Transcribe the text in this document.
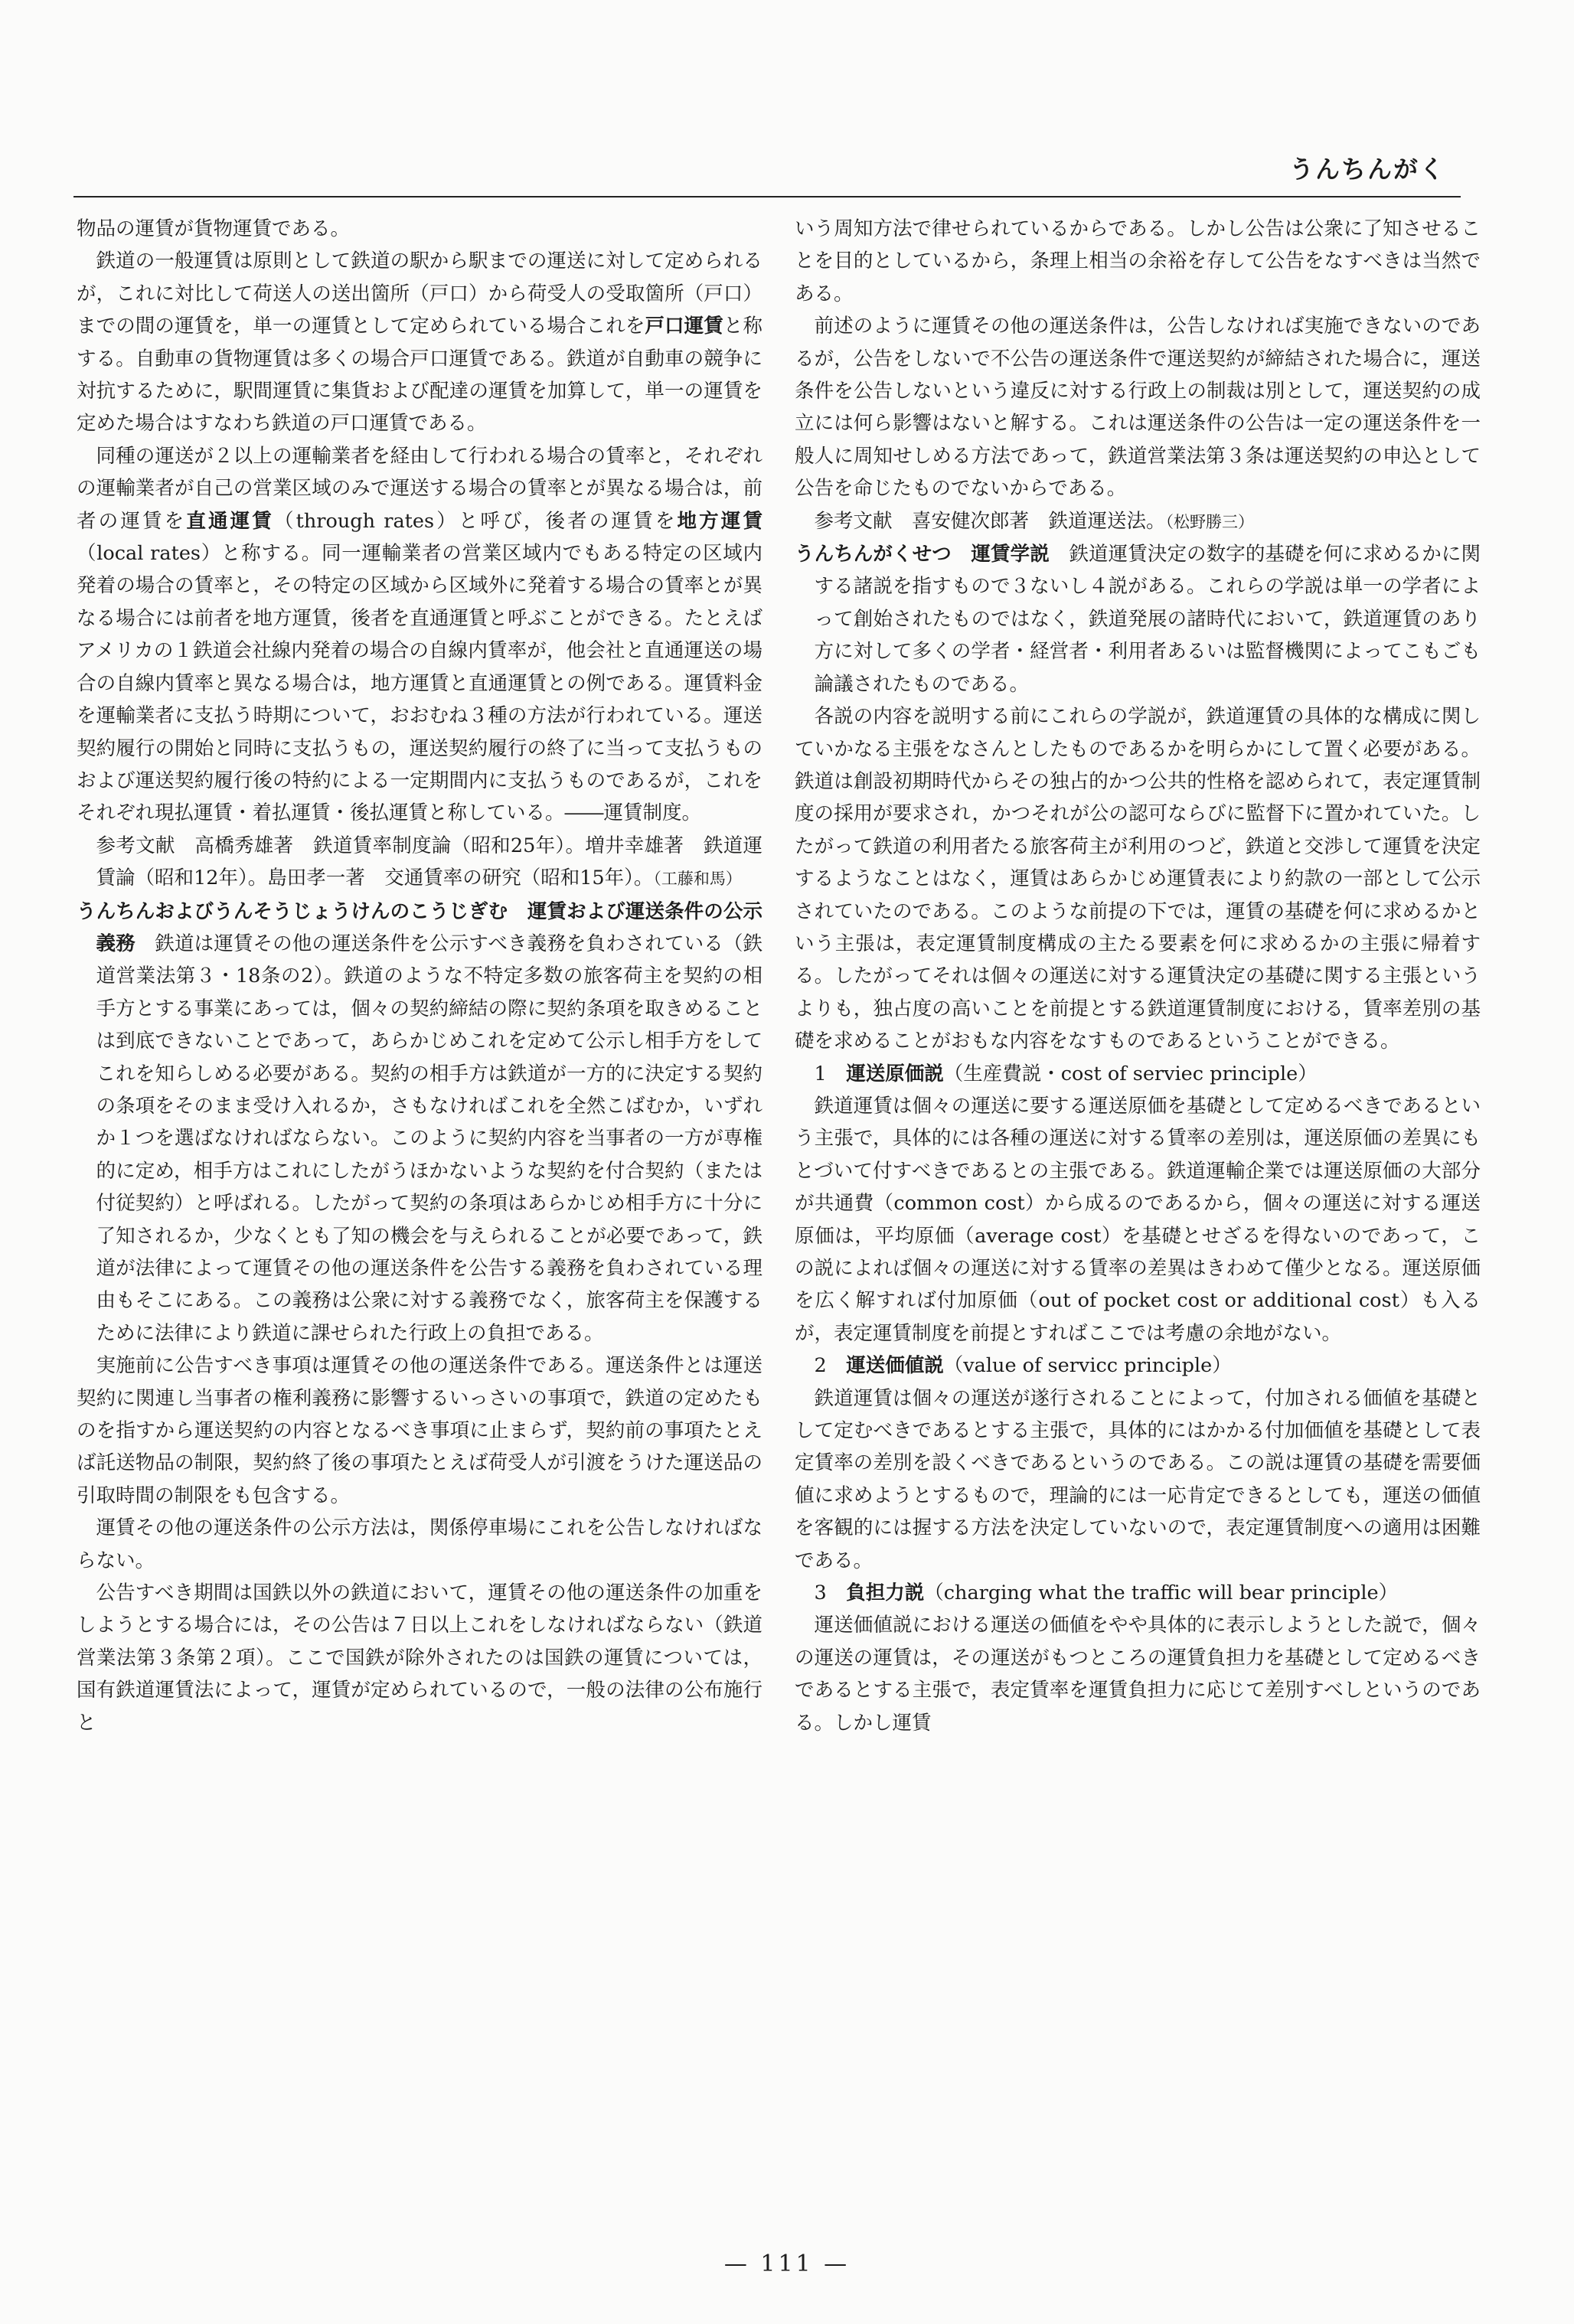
うんちんがく

物品の運賃が貨物運賃である。

鉄道の一般運賃は原則として鉄道の駅から駅までの運送に対して定められるが，これに対比して荷送人の送出箇所（戸口）から荷受人の受取箇所（戸口）までの間の運賃を，単一の運賃として定められている場合これを戸口運賃と称する。自動車の貨物運賃は多くの場合戸口運賃である。鉄道が自動車の競争に対抗するために，駅間運賃に集貨および配達の運賃を加算して，単一の運賃を定めた場合はすなわち鉄道の戸口運賃である。

同種の運送が２以上の運輸業者を経由して行われる場合の賃率と，それぞれの運輸業者が自己の営業区域のみで運送する場合の賃率とが異なる場合は，前者の運賃を直通運賃（through rates）と呼び，後者の運賃を地方運賃（local rates）と称する。同一運輸業者の営業区域内でもある特定の区域内発着の場合の賃率と，その特定の区域から区域外に発着する場合の賃率とが異なる場合には前者を地方運賃，後者を直通運賃と呼ぶことができる。たとえばアメリカの１鉄道会社線内発着の場合の自線内賃率が，他会社と直通運送の場合の自線内賃率と異なる場合は，地方運賃と直通運賃との例である。運賃料金を運輸業者に支払う時期について，おおむね３種の方法が行われている。運送契約履行の開始と同時に支払うもの，運送契約履行の終了に当って支払うものおよび運送契約履行後の特約による一定期間内に支払うものであるが，これをそれぞれ現払運賃・着払運賃・後払運賃と称している。――運賃制度。

参考文献　高橋秀雄著　鉄道賃率制度論（昭和25年）。増井幸雄著　鉄道運賃論（昭和12年）。島田孝一著　交通賃率の研究（昭和15年）。（工藤和馬）

うんちんおよびうんそうじょうけんのこうじぎむ　 運賃および運送条件の公示義務　 鉄道は運賃その他の運送条件を公示すべき義務を負わされている（鉄道営業法第３・18条の2）。鉄道のような不特定多数の旅客荷主を契約の相手方とする事業にあっては，個々の契約締結の際に契約条項を取きめることは到底できないことであって，あらかじめこれを定めて公示し相手方をしてこれを知らしめる必要がある。契約の相手方は鉄道が一方的に決定する契約の条項をそのまま受け入れるか，さもなければこれを全然こばむか，いずれか１つを選ばなければならない。このように契約内容を当事者の一方が専権的に定め，相手方はこれにしたがうほかないような契約を付合契約（または付従契約）と呼ばれる。したがって契約の条項はあらかじめ相手方に十分に了知されるか，少なくとも了知の機会を与えられることが必要であって，鉄道が法律によって運賃その他の運送条件を公告する義務を負わされている理由もそこにある。この義務は公衆に対する義務でなく，旅客荷主を保護するために法律により鉄道に課せられた行政上の負担である。

実施前に公告すべき事項は運賃その他の運送条件である。運送条件とは運送契約に関連し当事者の権利義務に影響するいっさいの事項で，鉄道の定めたものを指すから運送契約の内容となるべき事項に止まらず，契約前の事項たとえば託送物品の制限，契約終了後の事項たとえば荷受人が引渡をうけた運送品の引取時間の制限をも包含する。

運賃その他の運送条件の公示方法は，関係停車場にこれを公告しなければならない。

公告すべき期間は国鉄以外の鉄道において，運賃その他の運送条件の加重をしようとする場合には，その公告は７日以上これをしなければならない（鉄道営業法第３条第２項）。ここで国鉄が除外されたのは国鉄の運賃については，国有鉄道運賃法によって，運賃が定められているので，一般の法律の公布施行と

いう周知方法で律せられているからである。しかし公告は公衆に了知させることを目的としているから，条理上相当の余裕を存して公告をなすべきは当然である。

前述のように運賃その他の運送条件は，公告しなければ実施できないのであるが，公告をしないで不公告の運送条件で運送契約が締結された場合に，運送条件を公告しないという違反に対する行政上の制裁は別として，運送契約の成立には何ら影響はないと解する。これは運送条件の公告は一定の運送条件を一般人に周知せしめる方法であって，鉄道営業法第３条は運送契約の申込として公告を命じたものでないからである。

参考文献　喜安健次郎著　鉄道運送法。（松野勝三）

うんちんがくせつ　 運賃学説　 鉄道運賃決定の数字的基礎を何に求めるかに関する諸説を指すもので３ないし４説がある。これらの学説は単一の学者によって創始されたものではなく，鉄道発展の諸時代において，鉄道運賃のあり方に対して多くの学者・経営者・利用者あるいは監督機関によってこもごも論議されたものである。

各説の内容を説明する前にこれらの学説が，鉄道運賃の具体的な構成に関していかなる主張をなさんとしたものであるかを明らかにして置く必要がある。鉄道は創設初期時代からその独占的かつ公共的性格を認められて，表定運賃制度の採用が要求され，かつそれが公の認可ならびに監督下に置かれていた。したがって鉄道の利用者たる旅客荷主が利用のつど，鉄道と交渉して運賃を決定するようなことはなく，運賃はあらかじめ運賃表により約款の一部として公示されていたのである。このような前提の下では，運賃の基礎を何に求めるかという主張は，表定運賃制度構成の主たる要素を何に求めるかの主張に帰着する。したがってそれは個々の運送に対する運賃決定の基礎に関する主張というよりも，独占度の高いことを前提とする鉄道運賃制度における，賃率差別の基礎を求めることがおもな内容をなすものであるということができる。

1　 運送原価説（生産費説・cost of serviec principle）

鉄道運賃は個々の運送に要する運送原価を基礎として定めるべきであるという主張で，具体的には各種の運送に対する賃率の差別は，運送原価の差異にもとづいて付すべきであるとの主張である。鉄道運輸企業では運送原価の大部分が共通費（common cost）から成るのであるから，個々の運送に対する運送原価は，平均原価（average cost）を基礎とせざるを得ないのであって，この説によれば個々の運送に対する賃率の差異はきわめて僅少となる。運送原価を広く解すれば付加原価（out of pocket cost or additional cost）も入るが，表定運賃制度を前提とすればここでは考慮の余地がない。

2　 運送価値説（value of servicc principle）

鉄道運賃は個々の運送が遂行されることによって，付加される価値を基礎として定むべきであるとする主張で，具体的にはかかる付加価値を基礎として表定賃率の差別を設くべきであるというのである。この説は運賃の基礎を需要価値に求めようとするもので，理論的には一応肯定できるとしても，運送の価値を客観的には握する方法を決定していないので，表定運賃制度への適用は困難である。

3　 負担力説（charging what the traffic will bear principle）

運送価値説における運送の価値をやや具体的に表示しようとした説で，個々の運送の運賃は，その運送がもつところの運賃負担力を基礎として定めるべきであるとする主張で，表定賃率を運賃負担力に応じて差別すべしというのである。しかし運賃

— 111 —
